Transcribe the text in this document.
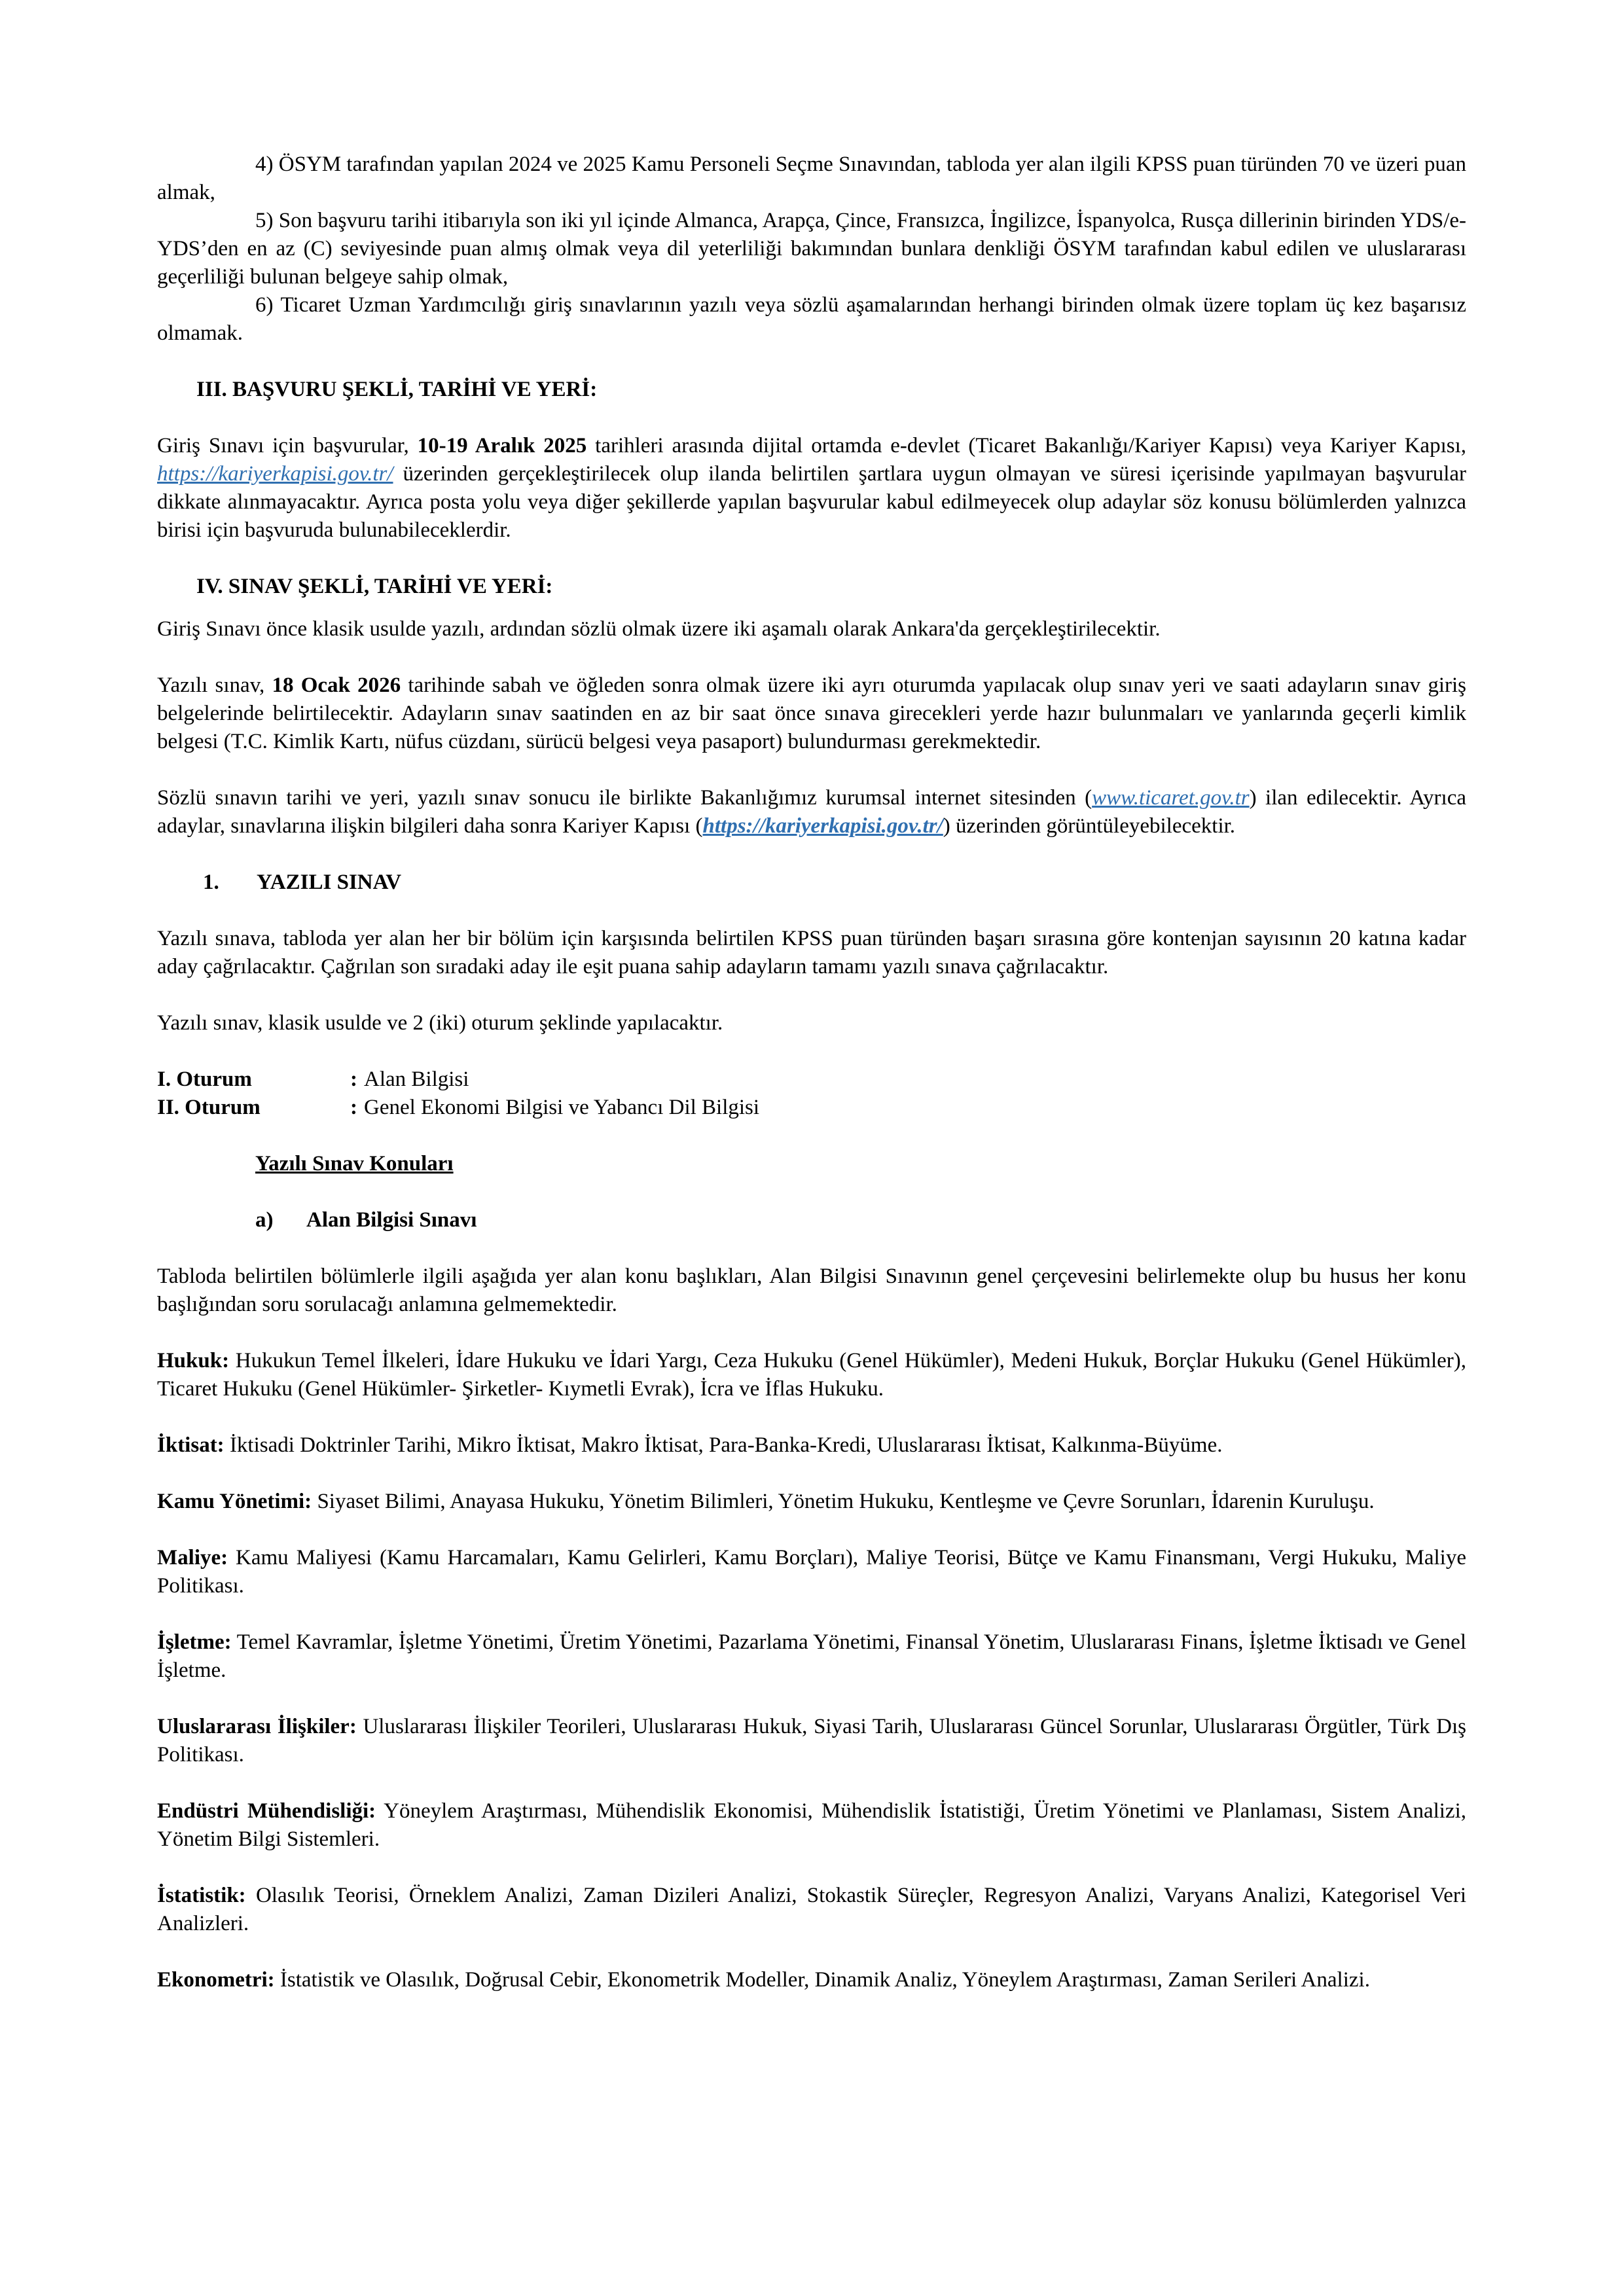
4) ÖSYM tarafından yapılan 2024 ve 2025 Kamu Personeli Seçme Sınavından, tabloda yer alan ilgili KPSS puan türünden 70 ve üzeri puan almak,

5) Son başvuru tarihi itibarıyla son iki yıl içinde Almanca, Arapça, Çince, Fransızca, İngilizce, İspanyolca, Rusça dillerinin birinden YDS/e-YDS’den en az (C) seviyesinde puan almış olmak veya dil yeterliliği bakımından bunlara denkliği ÖSYM tarafından kabul edilen ve uluslararası geçerliliği bulunan belgeye sahip olmak,

6) Ticaret Uzman Yardımcılığı giriş sınavlarının yazılı veya sözlü aşamalarından herhangi birinden olmak üzere toplam üç kez başarısız olmamak.

III. BAŞVURU ŞEKLİ, TARİHİ VE YERİ:

Giriş Sınavı için başvurular, 10-19 Aralık 2025 tarihleri arasında dijital ortamda e-devlet (Ticaret Bakanlığı/Kariyer Kapısı) veya Kariyer Kapısı, https://kariyerkapisi.gov.tr/ üzerinden gerçekleştirilecek olup ilanda belirtilen şartlara uygun olmayan ve süresi içerisinde yapılmayan başvurular dikkate alınmayacaktır. Ayrıca posta yolu veya diğer şekillerde yapılan başvurular kabul edilmeyecek olup adaylar söz konusu bölümlerden yalnızca birisi için başvuruda bulunabileceklerdir.

IV. SINAV ŞEKLİ, TARİHİ VE YERİ:

Giriş Sınavı önce klasik usulde yazılı, ardından sözlü olmak üzere iki aşamalı olarak Ankara'da gerçekleştirilecektir.

Yazılı sınav, 18 Ocak 2026 tarihinde sabah ve öğleden sonra olmak üzere iki ayrı oturumda yapılacak olup sınav yeri ve saati adayların sınav giriş belgelerinde belirtilecektir. Adayların sınav saatinden en az bir saat önce sınava girecekleri yerde hazır bulunmaları ve yanlarında geçerli kimlik belgesi (T.C. Kimlik Kartı, nüfus cüzdanı, sürücü belgesi veya pasaport) bulundurması gerekmektedir.

Sözlü sınavın tarihi ve yeri, yazılı sınav sonucu ile birlikte Bakanlığımız kurumsal internet sitesinden (www.ticaret.gov.tr) ilan edilecektir. Ayrıca adaylar, sınavlarına ilişkin bilgileri daha sonra Kariyer Kapısı (https://kariyerkapisi.gov.tr/) üzerinden görüntüleyebilecektir.

1. YAZILI SINAV

Yazılı sınava, tabloda yer alan her bir bölüm için karşısında belirtilen KPSS puan türünden başarı sırasına göre kontenjan sayısının 20 katına kadar aday çağrılacaktır. Çağrılan son sıradaki aday ile eşit puana sahip adayların tamamı yazılı sınava çağrılacaktır.

Yazılı sınav, klasik usulde ve 2 (iki) oturum şeklinde yapılacaktır.

I. Oturum	: Alan Bilgisi
II. Oturum	: Genel Ekonomi Bilgisi ve Yabancı Dil Bilgisi

Yazılı Sınav Konuları

a) Alan Bilgisi Sınavı

Tabloda belirtilen bölümlerle ilgili aşağıda yer alan konu başlıkları, Alan Bilgisi Sınavının genel çerçevesini belirlemekte olup bu husus her konu başlığından soru sorulacağı anlamına gelmemektedir.

Hukuk: Hukukun Temel İlkeleri, İdare Hukuku ve İdari Yargı, Ceza Hukuku (Genel Hükümler), Medeni Hukuk, Borçlar Hukuku (Genel Hükümler), Ticaret Hukuku (Genel Hükümler- Şirketler- Kıymetli Evrak), İcra ve İflas Hukuku.

İktisat: İktisadi Doktrinler Tarihi, Mikro İktisat, Makro İktisat, Para-Banka-Kredi, Uluslararası İktisat, Kalkınma-Büyüme.

Kamu Yönetimi: Siyaset Bilimi, Anayasa Hukuku, Yönetim Bilimleri, Yönetim Hukuku, Kentleşme ve Çevre Sorunları, İdarenin Kuruluşu.

Maliye: Kamu Maliyesi (Kamu Harcamaları, Kamu Gelirleri, Kamu Borçları), Maliye Teorisi, Bütçe ve Kamu Finansmanı, Vergi Hukuku, Maliye Politikası.

İşletme: Temel Kavramlar, İşletme Yönetimi, Üretim Yönetimi, Pazarlama Yönetimi, Finansal Yönetim, Uluslararası Finans, İşletme İktisadı ve Genel İşletme.

Uluslararası İlişkiler: Uluslararası İlişkiler Teorileri, Uluslararası Hukuk, Siyasi Tarih, Uluslararası Güncel Sorunlar, Uluslararası Örgütler, Türk Dış Politikası.

Endüstri Mühendisliği: Yöneylem Araştırması, Mühendislik Ekonomisi, Mühendislik İstatistiği, Üretim Yönetimi ve Planlaması, Sistem Analizi, Yönetim Bilgi Sistemleri.

İstatistik: Olasılık Teorisi, Örneklem Analizi, Zaman Dizileri Analizi, Stokastik Süreçler, Regresyon Analizi, Varyans Analizi, Kategorisel Veri Analizleri.

Ekonometri: İstatistik ve Olasılık, Doğrusal Cebir, Ekonometrik Modeller, Dinamik Analiz, Yöneylem Araştırması, Zaman Serileri Analizi.
